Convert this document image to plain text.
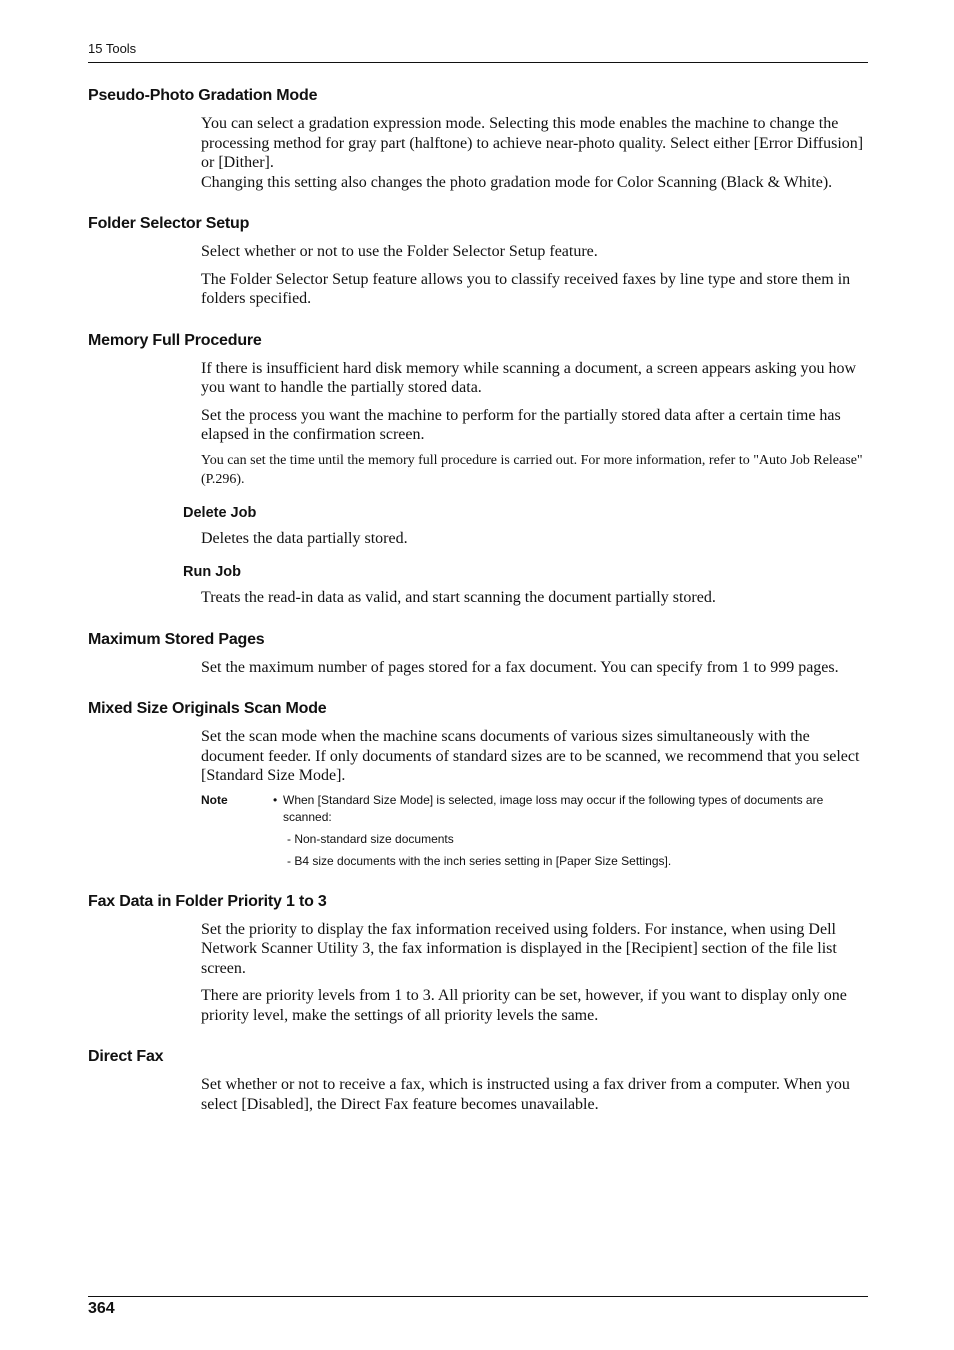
15 Tools
Pseudo-Photo Gradation Mode
You can select a gradation expression mode. Selecting this mode enables the machine to change the processing method for gray part (halftone) to achieve near-photo quality. Select either [Error Diffusion] or [Dither].
Changing this setting also changes the photo gradation mode for Color Scanning (Black & White).
Folder Selector Setup
Select whether or not to use the Folder Selector Setup feature.
The Folder Selector Setup feature allows you to classify received faxes by line type and store them in folders specified.
Memory Full Procedure
If there is insufficient hard disk memory while scanning a document, a screen appears asking you how you want to handle the partially stored data.
Set the process you want the machine to perform for the partially stored data after a certain time has elapsed in the confirmation screen.
You can set the time until the memory full procedure is carried out. For more information, refer to "Auto Job Release" (P.296).
Delete Job
Deletes the data partially stored.
Run Job
Treats the read-in data as valid, and start scanning the document partially stored.
Maximum Stored Pages
Set the maximum number of pages stored for a fax document. You can specify from 1 to 999 pages.
Mixed Size Originals Scan Mode
Set the scan mode when the machine scans documents of various sizes simultaneously with the document feeder. If only documents of standard sizes are to be scanned, we recommend that you select [Standard Size Mode].
Note	• When [Standard Size Mode] is selected, image loss may occur if the following types of documents are scanned:
- Non-standard size documents
- B4 size documents with the inch series setting in [Paper Size Settings].
Fax Data in Folder Priority 1 to 3
Set the priority to display the fax information received using folders. For instance, when using Dell Network Scanner Utility 3, the fax information is displayed in the [Recipient] section of the file list screen.
There are priority levels from 1 to 3. All priority can be set, however, if you want to display only one priority level, make the settings of all priority levels the same.
Direct Fax
Set whether or not to receive a fax, which is instructed using a fax driver from a computer. When you select [Disabled], the Direct Fax feature becomes unavailable.
364
